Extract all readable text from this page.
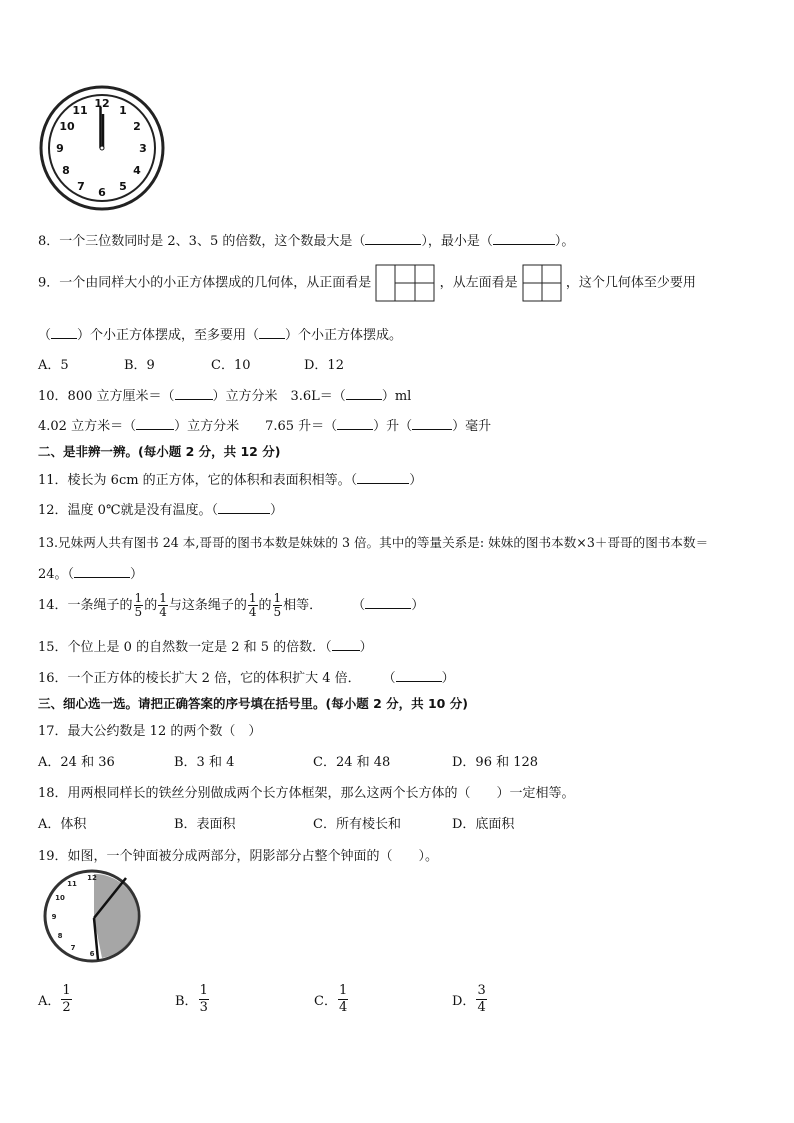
12
1
2
3
4
5
6
7
8
9
10
11
8．一个三位数同时是 2、3、5 的倍数，这个数最大是（	），最小是（	）。
9．一个由同样大小的小正方体摆成的几何体，从正面看是	，从左面看是	，这个几何体至少要用
（ ）个小正方体摆成，至多要用（ ）个小正方体摆成。
A．5	B．9	C．10	D．12
10．800 立方厘米＝（	）立方分米　3.6L＝（	）ml
4.02 立方米＝（	）立方分米　　7.65 升＝（	）升（	）毫升
二、是非辨一辨。(每小题 2 分，共 12 分)
11．棱长为 6cm 的正方体，它的体积和表面积相等。（	）
12．温度 0℃就是没有温度。（	）
13.兄妹两人共有图书 24 本,哥哥的图书本数是妹妹的 3 倍。其中的等量关系是: 妹妹的图书本数×3＋哥哥的图书本数＝
24。（	）
14．一条绳子的 $\frac{1}{5}$ 的 $\frac{1}{4}$ 与这条绳子的 $\frac{1}{4}$ 的 $\frac{1}{5}$ 相等． （	）
15．个位上是 0 的自然数一定是 2 和 5 的倍数．（ ）
16．一个正方体的棱长扩大 2 倍，它的体积扩大 4 倍． （	）
三、细心选一选。请把正确答案的序号填在括号里。(每小题 2 分，共 10 分)
17．最大公约数是 12 的两个数（　）
A．24 和 36	B．3 和 4	C．24 和 48	D．96 和 128
18．用两根同样长的铁丝分别做成两个长方体框架，那么这两个长方体的（　　）一定相等。
A．体积	B．表面积	C．所有棱长和	D．底面积
19．如图，一个钟面被分成两部分，阴影部分占整个钟面的（　　）。
12
11
10
9
8
7
6
A． $\frac{1}{2}$	B． $\frac{1}{3}$	C． $\frac{1}{4}$	D． $\frac{3}{4}$
